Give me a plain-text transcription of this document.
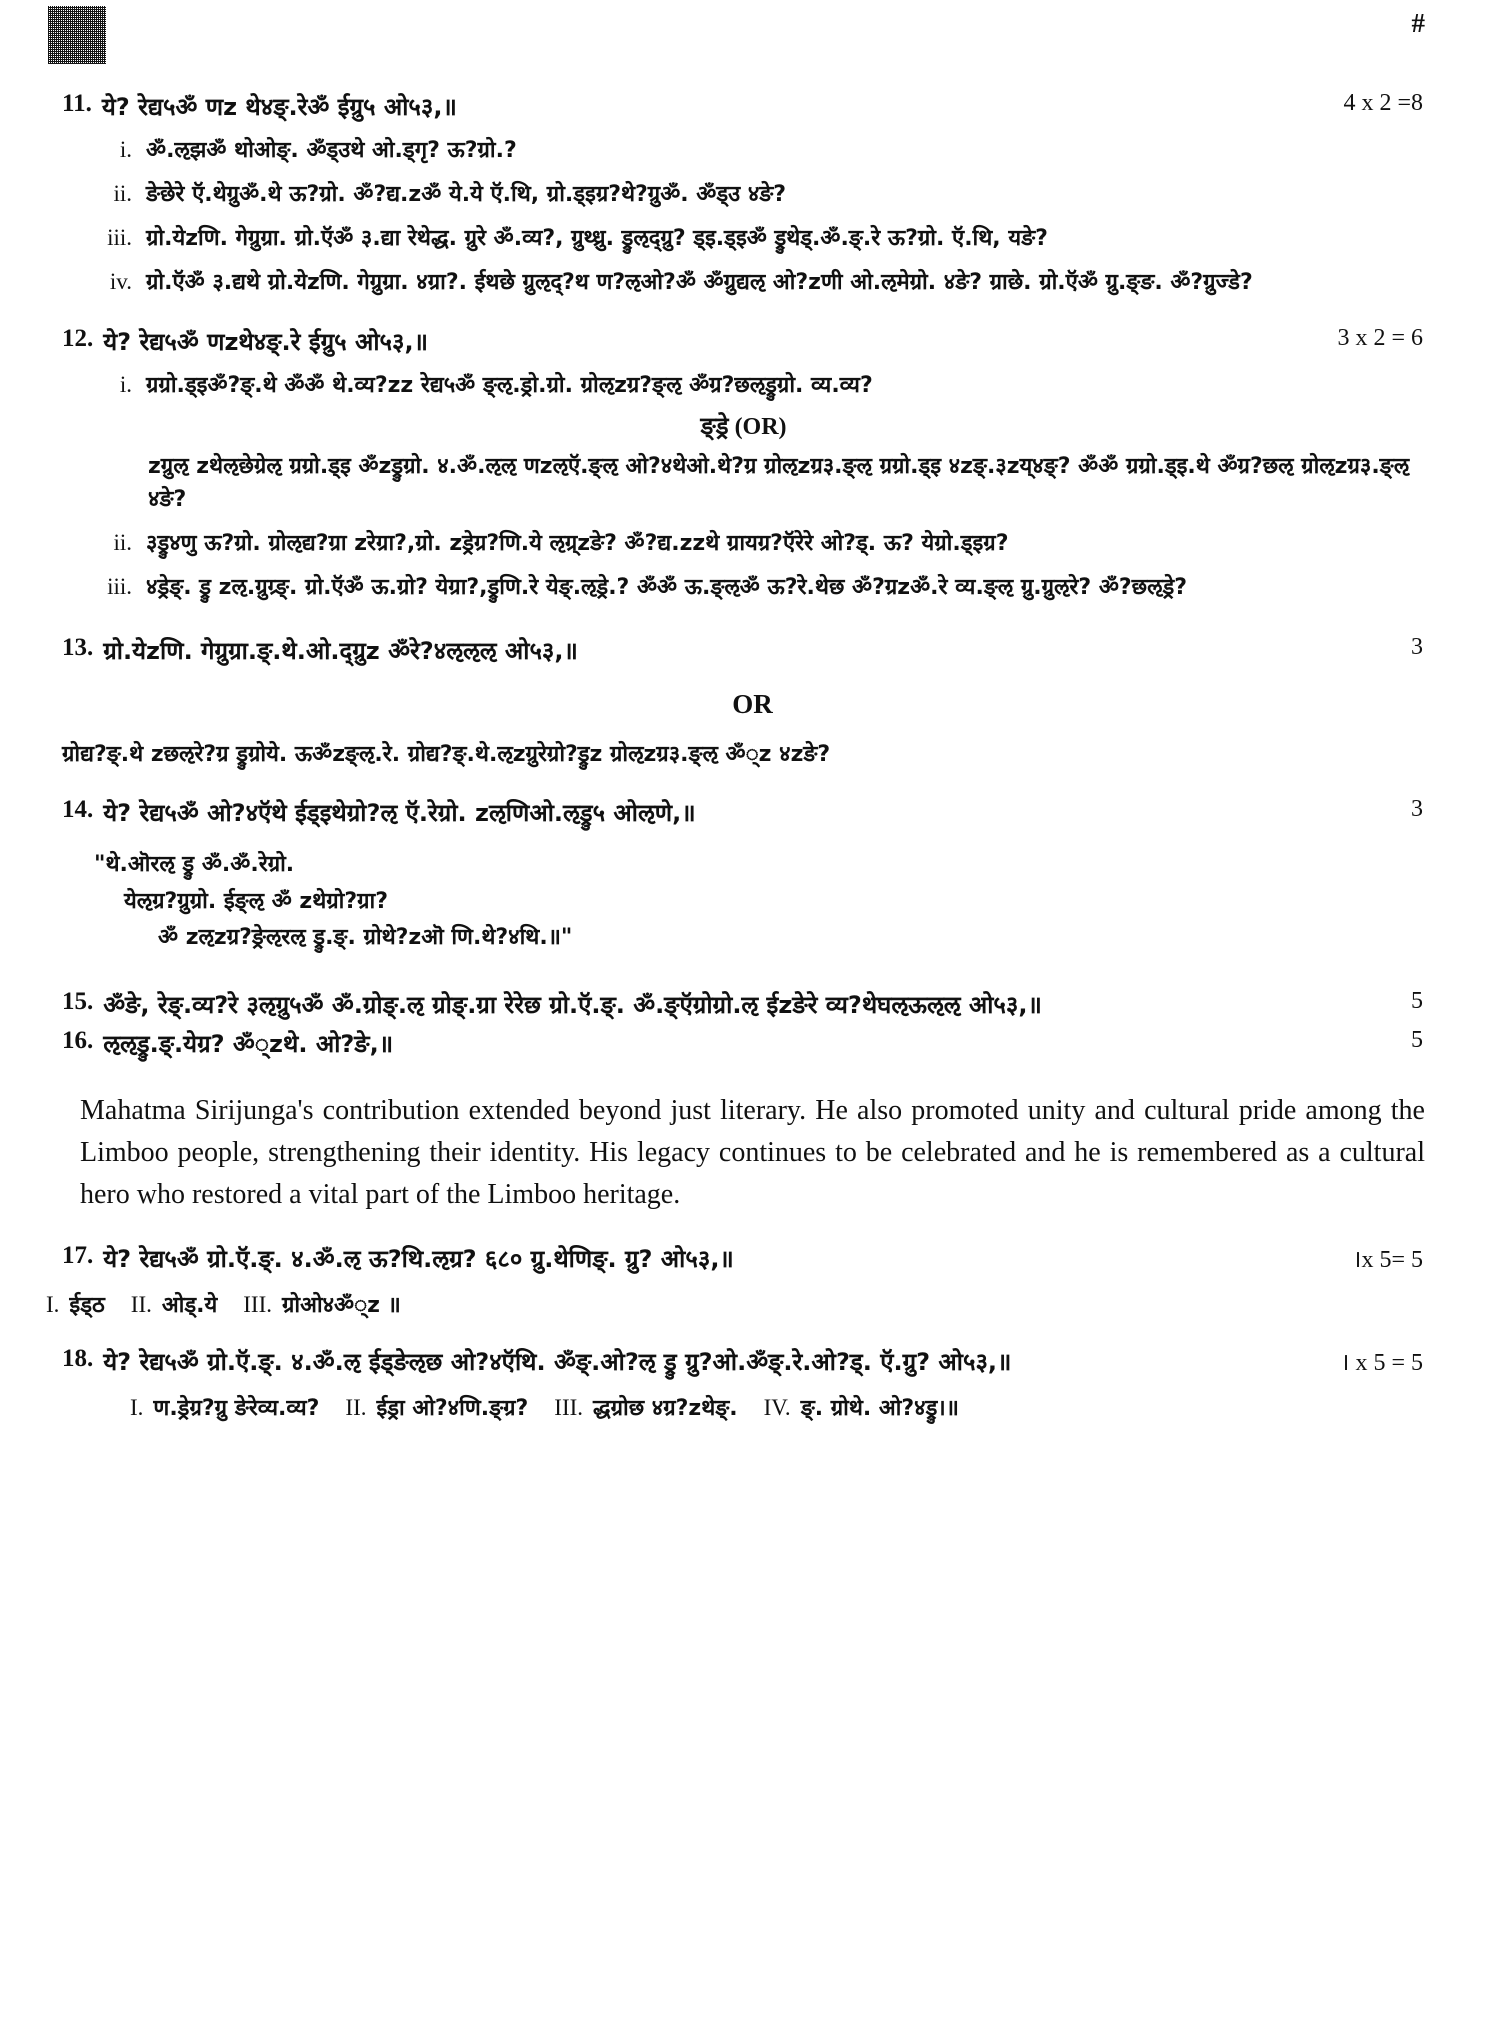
#
11. ये? रेद्य५ॐ णz थे४ङ्.रेॐ ईग्रु५ ओ५३,॥	4 x 2 =8
i. ॐ.ऌझॐ थोओङ्. ॐड्उथे ओ.ड्गृ? ऊ?ग्रो.?
ii. ङेछेरे ऍ.थेग्रुॐ.थे ऊ?ग्रो. ॐ?द्य.zॐ ये.ये ऍ.थि, ग्रो.ड्इग्र?थे?ग्रुॐ. ॐड्उ ४ङे?
iii. ग्रो.येzणि. गेग्रुग्रा. ग्रो.ऍॐ ३.द्या रेथेद्ध. ग्रुरे ॐ.व्य?, ग्रुथ्ध्रु. ड्रुऌद्ग्रु? ड्इ.ड्इॐ ड्रुथेड्.ॐ.ङ्.रे ऊ?ग्रो. ऍ.थि, यङे?
iv. ग्रो.ऍॐ ३.द्यथे ग्रो.येzणि. गेग्रुग्रा. ४ग्रा?. ईथछे ग्रुऌद्?थ ण?ऌओ?ॐ ॐग्रुद्यऌ ओ?zणी ओ.ऌमेग्रो. ४ङे? ग्राछे. ग्रो.ऍॐ ग्रु.ङ्ङ. ॐ?ग्रुज्डे?
12. ये? रेद्य५ॐ णzथे४ङ्.रे ईग्रु५ ओ५३,॥	3 x 2 = 6
i. ग्रग्रो.ड्इॐ?ङ्.थे ॐॐ थे.व्य?zz रेद्य५ॐ ङ्ऌ.ड्रो.ग्रो. ग्रोऌzग्र?ङ्ऌ ॐग्र?छऌड्रुग्रो. व्य.व्य?
ङ्ड्रे (OR)
zग्रुऌ zथेऌछेग्रेऌ ग्रग्रो.ड्इ ॐzड्रुग्रो. ४.ॐ.ऌऌ णzऌऍ.ङ्ऌ ओ?४थेओ.थे?ग्र ग्रोऌzग्र३.ङ्ऌ ग्रग्रो.ड्इ ४zङ्.३zय्४ङ्? ॐॐ ग्रग्रो.ड्इ.थे ॐग्र?छऌ ग्रोऌzग्र३.ङ्ऌ ४ङे?
ii. ३ड्रु४णु ऊ?ग्रो. ग्रोऌद्य?ग्रा zरेग्रा?,ग्रो. zड्रेग्र?णि.ये ऌग्र्zङे? ॐ?द्य.zzथे ग्रायग्र?ऍरेरे ओ?ड्. ऊ? येग्रो.ड्इग्र?
iii. ४ड्रेङ्. ड्रु zऌ.ग्रुग्र्ङ्. ग्रो.ऍॐ ऊ.ग्रो? येग्रा?,ड्रुणि.रे येङ्.ऌड्रे.? ॐॐ ऊ.ङ्ऌॐ ऊ?रे.थेछ ॐ?ग्रzॐ.रे व्य.ङ्ऌ ग्रु.ग्रुऌरे? ॐ?छऌड्रे?
13. ग्रो.येzणि. गेग्रुग्रा.ङ्.थे.ओ.द्ग्रुz ॐरे?४ऌऌऌ ओ५३,॥	3
OR
ग्रोद्य?ङ्.थे zछऌरे?ग्र ड्रुग्रोये. ऊॐzङ्ऌ.रे. ग्रोद्य?ङ्.थे.ऌzग्रुरेग्रो?ड्रुz ग्रोऌzग्र३.ङ्ऌ ॐ्z ४zङे?
14. ये? रेद्य५ॐ ओ?४ऍथे ईड्इथेग्रो?ऌ ऍ.रेग्रो. zऌणिओ.ऌड्रु५ ओऌणे,॥	3
"थे.ऒरऌ ड्रु ॐ.ॐ.रेग्रो.
येऌग्र?ग्रुग्रो. ईङ्ऌ ॐ zथेग्रो?ग्रा?
ॐ zऌzग्र?ङ्रेऌरऌ ड्रु.ङ्. ग्रोथे?zऒ णि.थे?४थि.॥"
15. ॐङे, रेङ्.व्य?रे ३ऌग्रु५ॐ ॐ.ग्रोङ्.ऌ ग्रोङ्.ग्रा रेरेछ ग्रो.ऍ.ङ्. ॐ.ङ्ऍग्रोग्रो.ऌ ईzङेरे व्य?थेघऌऊऌऌ ओ५३,॥	5
16. ऌऌड्रु.ङ्.येग्र? ॐ्zथे. ओ?ङे,॥	5
Mahatma Sirijunga's contribution extended beyond just literary. He also promoted unity and cultural pride among the Limboo people, strengthening their identity. His legacy continues to be celebrated and he is remembered as a cultural hero who restored a vital part of the Limboo heritage.
17. ये? रेद्य५ॐ ग्रो.ऍ.ङ्. ४.ॐ.ऌ ऊ?थि.ऌग्र? ६८० ग्रु.थेणिङ्. ग्रु? ओ५३,॥	।x 5= 5
I. ईड्ठ II. ओड्.ये III. ग्रोओ४ॐ्z ॥
18. ये? रेद्य५ॐ ग्रो.ऍ.ङ्. ४.ॐ.ऌ ईड्ङेऌछ ओ?४ऍथि. ॐङ्.ओ?ऌ ड्रु ग्रु?ओ.ॐङ्.रे.ओ?ड्. ऍ.ग्रु? ओ५३,॥	। x 5 = 5
I. ण.ड्रेग्र?ग्रु ङेरेव्य.व्य? II. ईड्रा ओ?४णि.ङ्ग्र? III. द्धग्रोछ ४ग्र?zथेङ्. IV. ङ्. ग्रोथे. ओ?४ड्रु।॥
